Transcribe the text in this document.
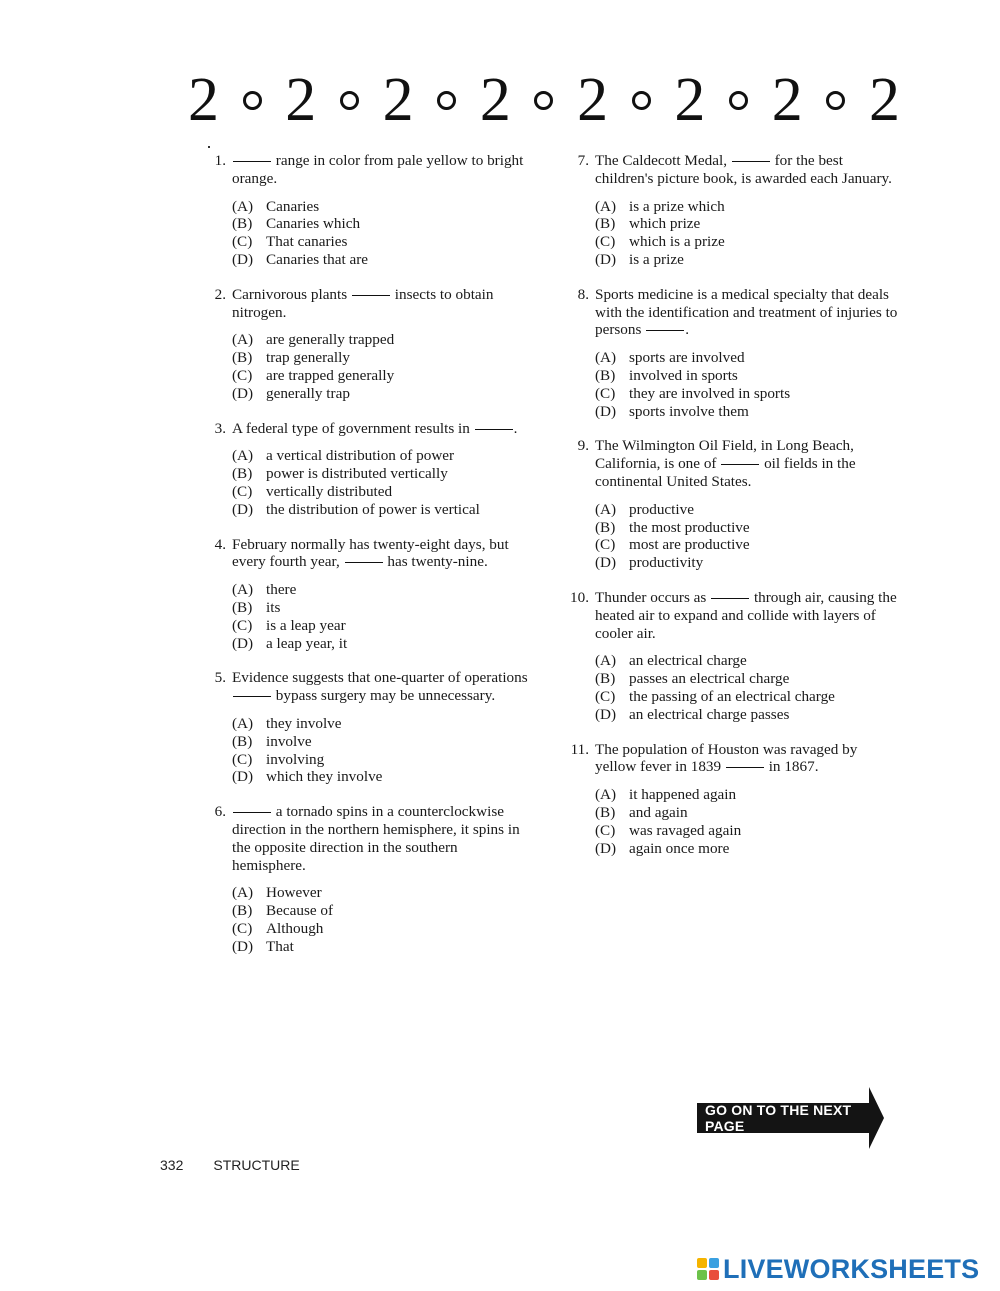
2 2 2 2 2 2 2 2
1.	range in color from pale yellow to bright orange.
(A) Canaries
(B) Canaries which
(C) That canaries
(D) Canaries that are
2. Carnivorous plants	insects to obtain nitrogen.
(A) are generally trapped
(B) trap generally
(C) are trapped generally
(D) generally trap
3. A federal type of government results in	.
(A) a vertical distribution of power
(B) power is distributed vertically
(C) vertically distributed
(D) the distribution of power is vertical
4. February normally has twenty-eight days, but every fourth year,	has twenty-nine.
(A) there
(B) its
(C) is a leap year
(D) a leap year, it
5. Evidence suggests that one-quarter of operations  bypass surgery may be unnecessary.
(A) they involve
(B) involve
(C) involving
(D) which they involve
6.	a tornado spins in a counterclockwise direction in the northern hemisphere, it spins in the opposite direction in the southern hemisphere.
(A) However
(B) Because of
(C) Although
(D) That
7. The Caldecott Medal,	for the best children's picture book, is awarded each January.
(A) is a prize which
(B) which prize
(C) which is a prize
(D) is a prize
8. Sports medicine is a medical specialty that deals with the identification and treatment of injuries to persons	.
(A) sports are involved
(B) involved in sports
(C) they are involved in sports
(D) sports involve them
9. The Wilmington Oil Field, in Long Beach, California, is one of	oil fields in the continental United States.
(A) productive
(B) the most productive
(C) most are productive
(D) productivity
10. Thunder occurs as	through air, causing the heated air to expand and collide with layers of cooler air.
(A) an electrical charge
(B) passes an electrical charge
(C) the passing of an electrical charge
(D) an electrical charge passes
11. The population of Houston was ravaged by yellow fever in 1839	in 1867.
(A) it happened again
(B) and again
(C) was ravaged again
(D) again once more
GO ON TO THE NEXT PAGE
332 STRUCTURE
LIVEWORKSHEETS
